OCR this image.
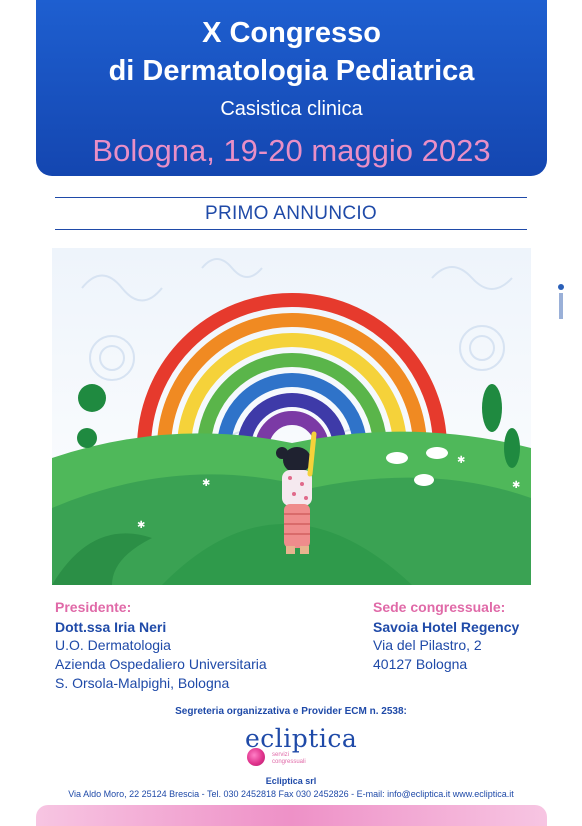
X Congresso
di Dermatologia Pediatrica
Casistica clinica
Bologna, 19-20 maggio 2023
PRIMO ANNUNCIO
✱
✱
✱
✱
Presidente:
Dott.ssa Iria Neri
U.O. Dermatologia
Azienda Ospedaliero Universitaria
S. Orsola-Malpighi, Bologna
Sede congressuale:
Savoia Hotel Regency
Via del Pilastro, 2
40127 Bologna
Segreteria organizzativa e Provider ECM n. 2538:
ecliptica
servizi
congressuali
Ecliptica srl
Via Aldo Moro, 22 25124 Brescia - Tel. 030 2452818 Fax 030 2452826 - E-mail: info@ecliptica.it www.ecliptica.it
